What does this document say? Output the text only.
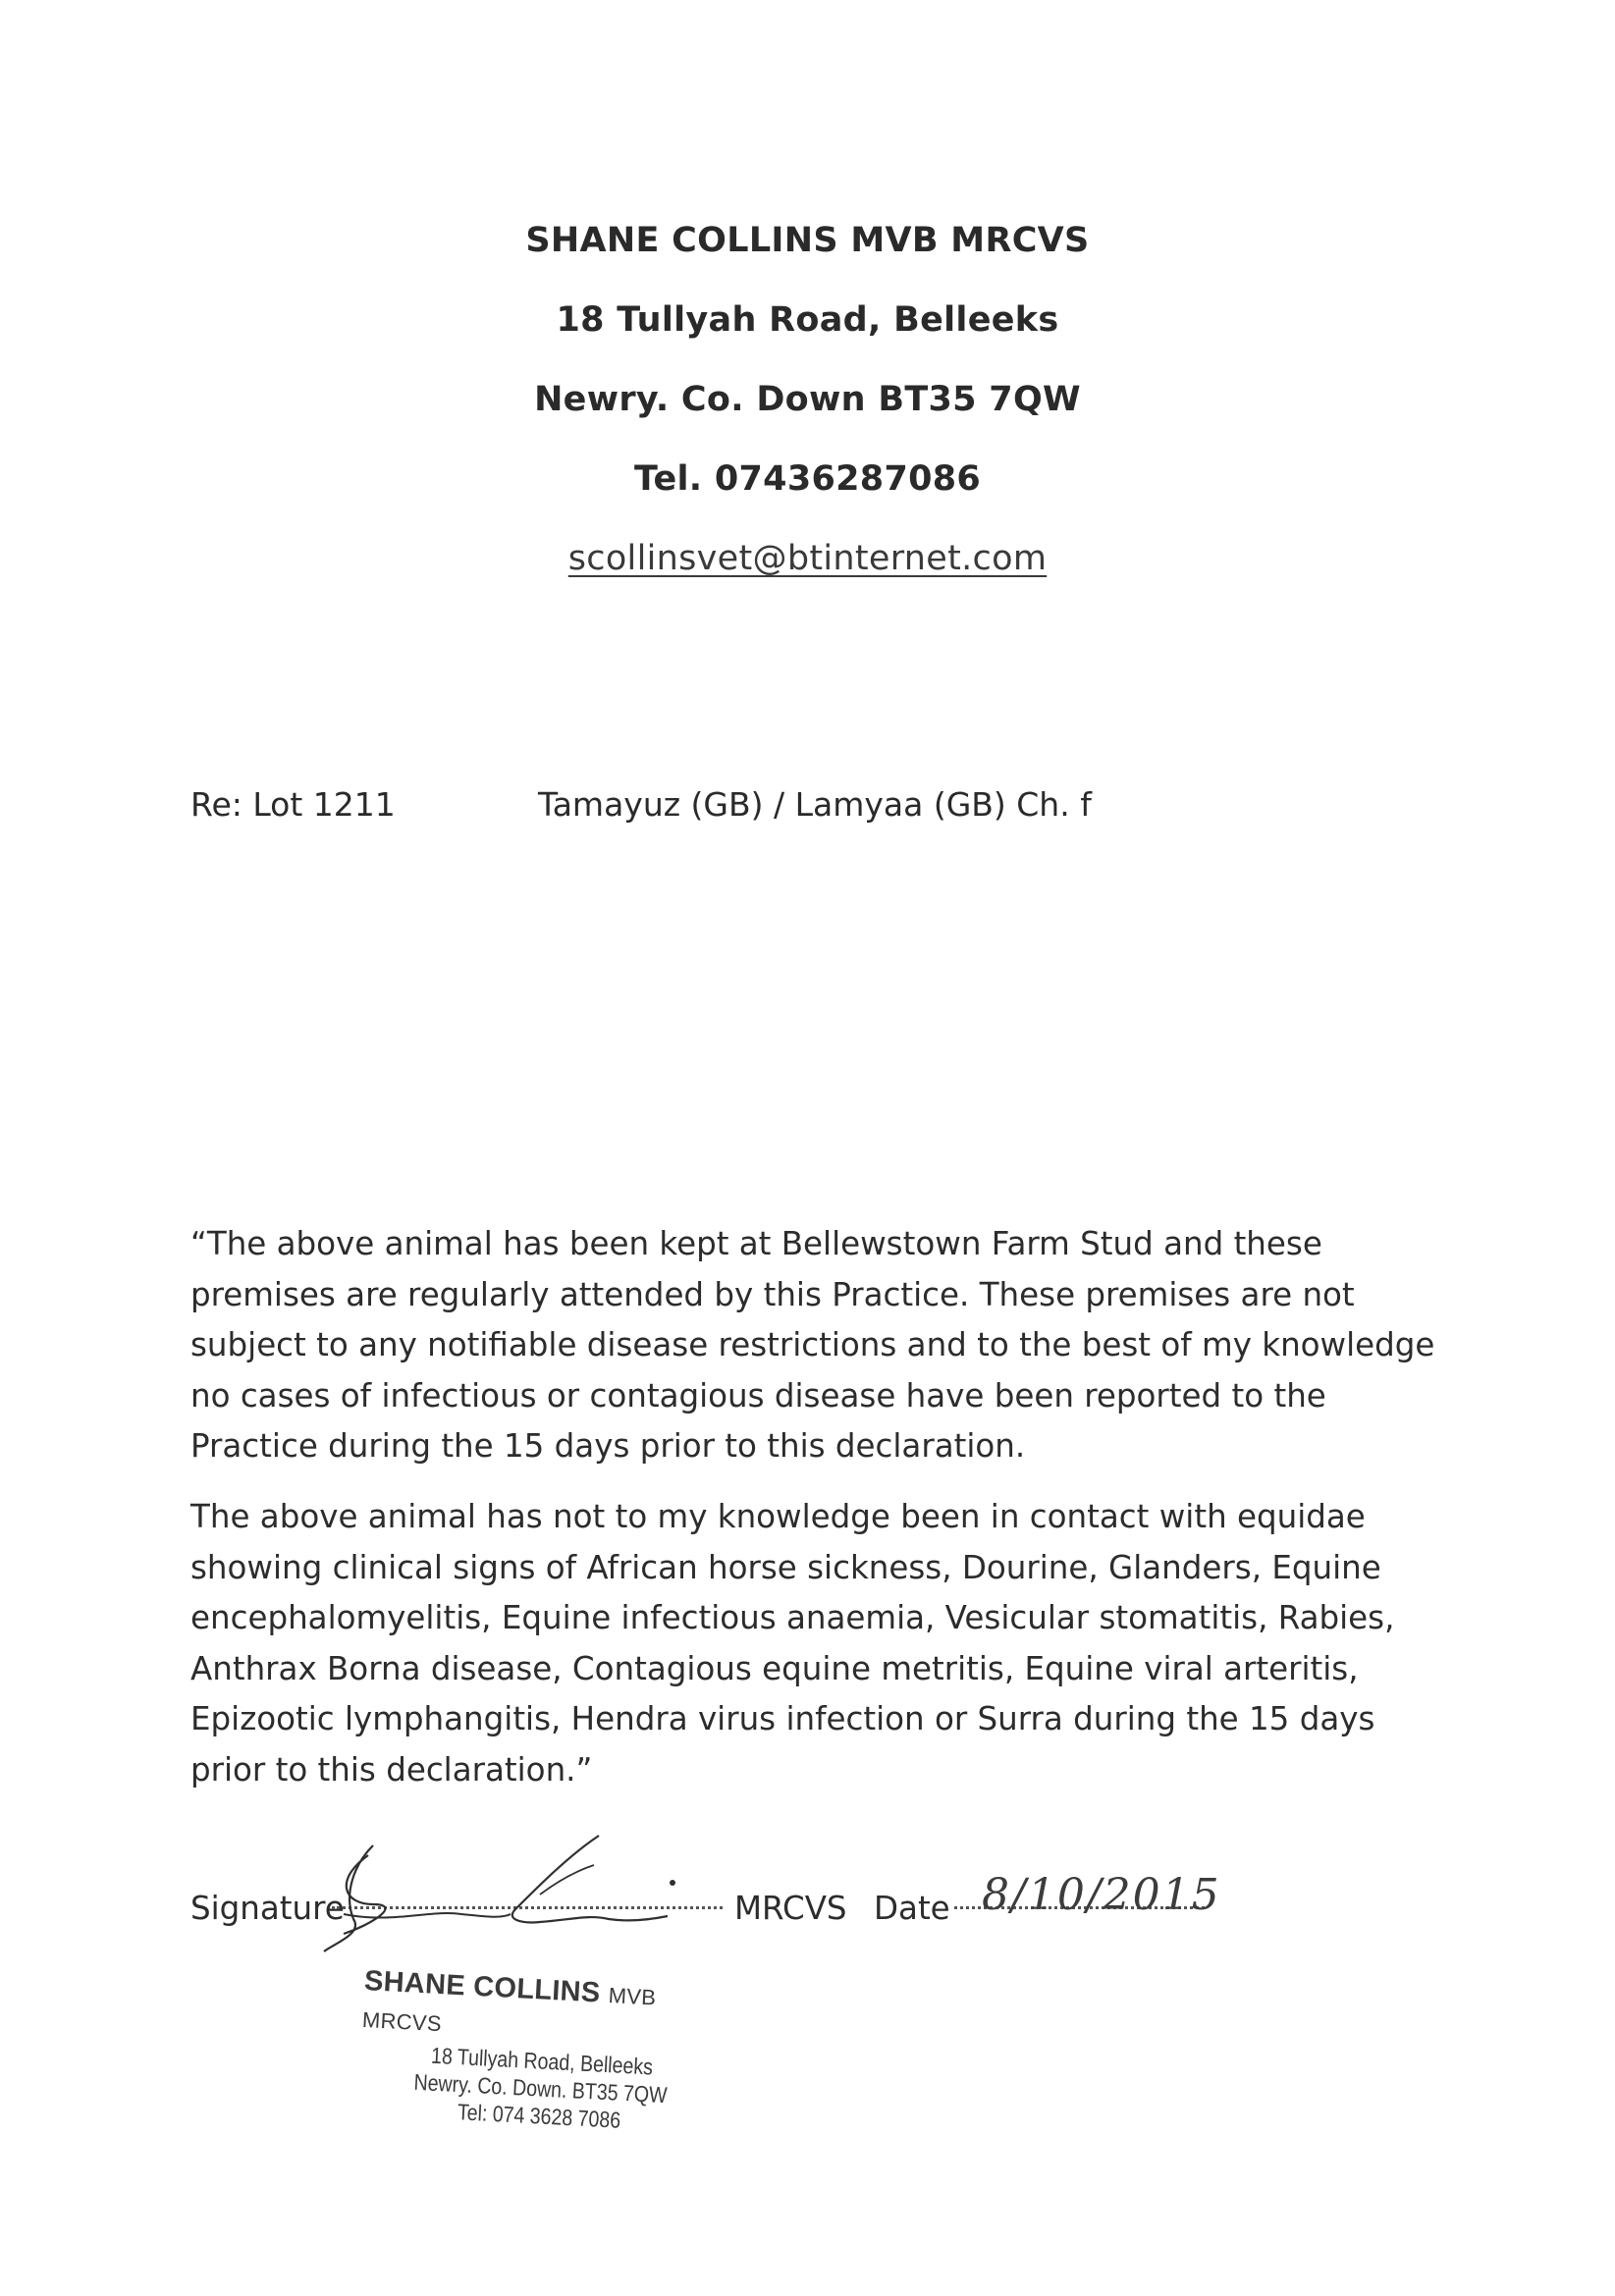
SHANE COLLINS MVB MRCVS
18 Tullyah Road, Belleeks
Newry. Co. Down BT35 7QW
Tel. 07436287086
scollinsvet@btinternet.com
Re: Lot 1211	Tamayuz (GB) / Lamyaa (GB) Ch. f

“The above animal has been kept at Bellewstown Farm Stud and these premises are regularly attended by this Practice. These premises are not subject to any notifiable disease restrictions and to the best of my knowledge no cases of infectious or contagious disease have been reported to the Practice during the 15 days prior to this declaration.

The above animal has not to my knowledge been in contact with equidae showing clinical signs of African horse sickness, Dourine, Glanders, Equine encephalomyelitis, Equine infectious anaemia, Vesicular stomatitis, Rabies, Anthrax Borna disease, Contagious equine metritis, Equine viral arteritis, Epizootic lymphangitis, Hendra virus infection or Surra during the 15 days prior to this declaration.”

Signature	MRCVS Date 8/10/2015
SHANE COLLINS MVB MRCVS
18 Tullyah Road, Belleeks
Newry. Co. Down. BT35 7QW
Tel: 074 3628 7086
